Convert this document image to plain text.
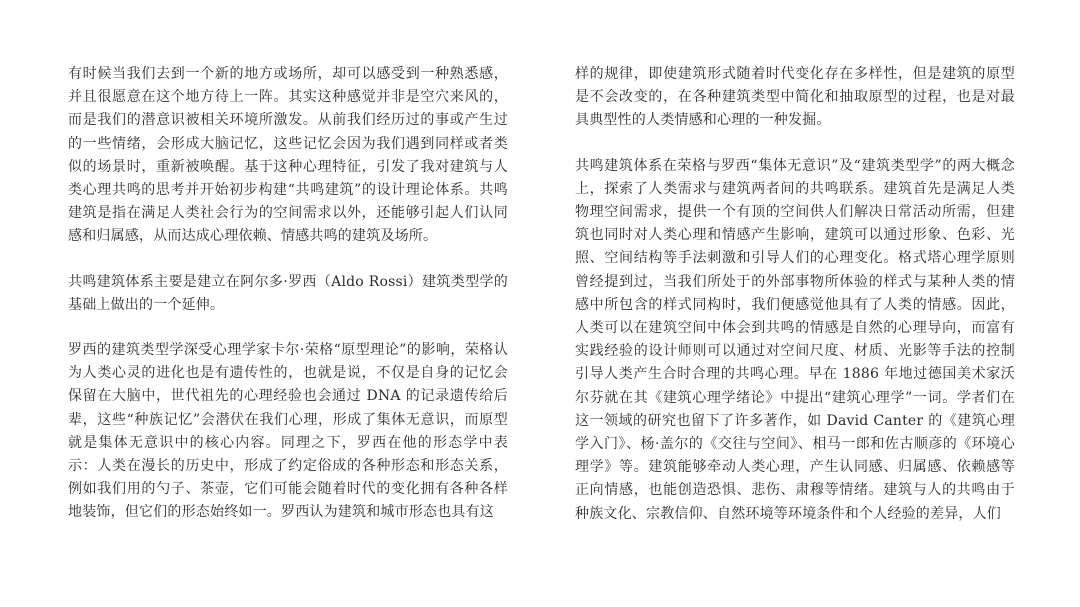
有时候当我们去到一个新的地方或场所，却可以感受到一种熟悉感，并且很愿意在这个地方待上一阵。其实这种感觉并非是空穴来风的，而是我们的潜意识被相关环境所激发。从前我们经历过的事或产生过的一些情绪，会形成大脑记忆，这些记忆会因为我们遇到同样或者类似的场景时，重新被唤醒。基于这种心理特征，引发了我对建筑与人类心理共鸣的思考并开始初步构建“共鸣建筑”的设计理论体系。共鸣建筑是指在满足人类社会行为的空间需求以外，还能够引起人们认同感和归属感，从而达成心理依赖、情感共鸣的建筑及场所。

共鸣建筑体系主要是建立在阿尔多·罗西（Aldo Rossi）建筑类型学的基础上做出的一个延伸。

罗西的建筑类型学深受心理学家卡尔·荣格“原型理论”的影响，荣格认为人类心灵的进化也是有遗传性的，也就是说，不仅是自身的记忆会保留在大脑中，世代祖先的心理经验也会通过 DNA 的记录遗传给后辈，这些“种族记忆”会潜伏在我们心理，形成了集体无意识，而原型就是集体无意识中的核心内容。同理之下，罗西在他的形态学中表示：人类在漫长的历史中，形成了约定俗成的各种形态和形态关系，例如我们用的勺子、茶壶，它们可能会随着时代的变化拥有各种各样地装饰，但它们的形态始终如一。罗西认为建筑和城市形态也具有这

样的规律，即使建筑形式随着时代变化存在多样性，但是建筑的原型是不会改变的，在各种建筑类型中简化和抽取原型的过程，也是对最具典型性的人类情感和心理的一种发掘。

共鸣建筑体系在荣格与罗西“集体无意识”及“建筑类型学”的两大概念上，探索了人类需求与建筑两者间的共鸣联系。建筑首先是满足人类物理空间需求，提供一个有顶的空间供人们解决日常活动所需，但建筑也同时对人类心理和情感产生影响，建筑可以通过形象、色彩、光照、空间结构等手法刺激和引导人们的心理变化。格式塔心理学原则曾经提到过，当我们所处于的外部事物所体验的样式与某种人类的情感中所包含的样式同构时，我们便感觉他具有了人类的情感。因此，人类可以在建筑空间中体会到共鸣的情感是自然的心理导向，而富有实践经验的设计师则可以通过对空间尺度、材质、光影等手法的控制引导人类产生合时合理的共鸣心理。早在 1886 年地过德国美术家沃尔芬就在其《建筑心理学绪论》中提出“建筑心理学”一词。学者们在这一领域的研究也留下了许多著作，如 David Canter 的《建筑心理学入门》、杨·盖尔的《交往与空间》、相马一郎和佐古顺彦的《环境心理学》等。建筑能够牵动人类心理，产生认同感、归属感、依赖感等正向情感，也能创造恐惧、悲伤、肃穆等情绪。建筑与人的共鸣由于种族文化、宗教信仰、自然环境等环境条件和个人经验的差异，人们
